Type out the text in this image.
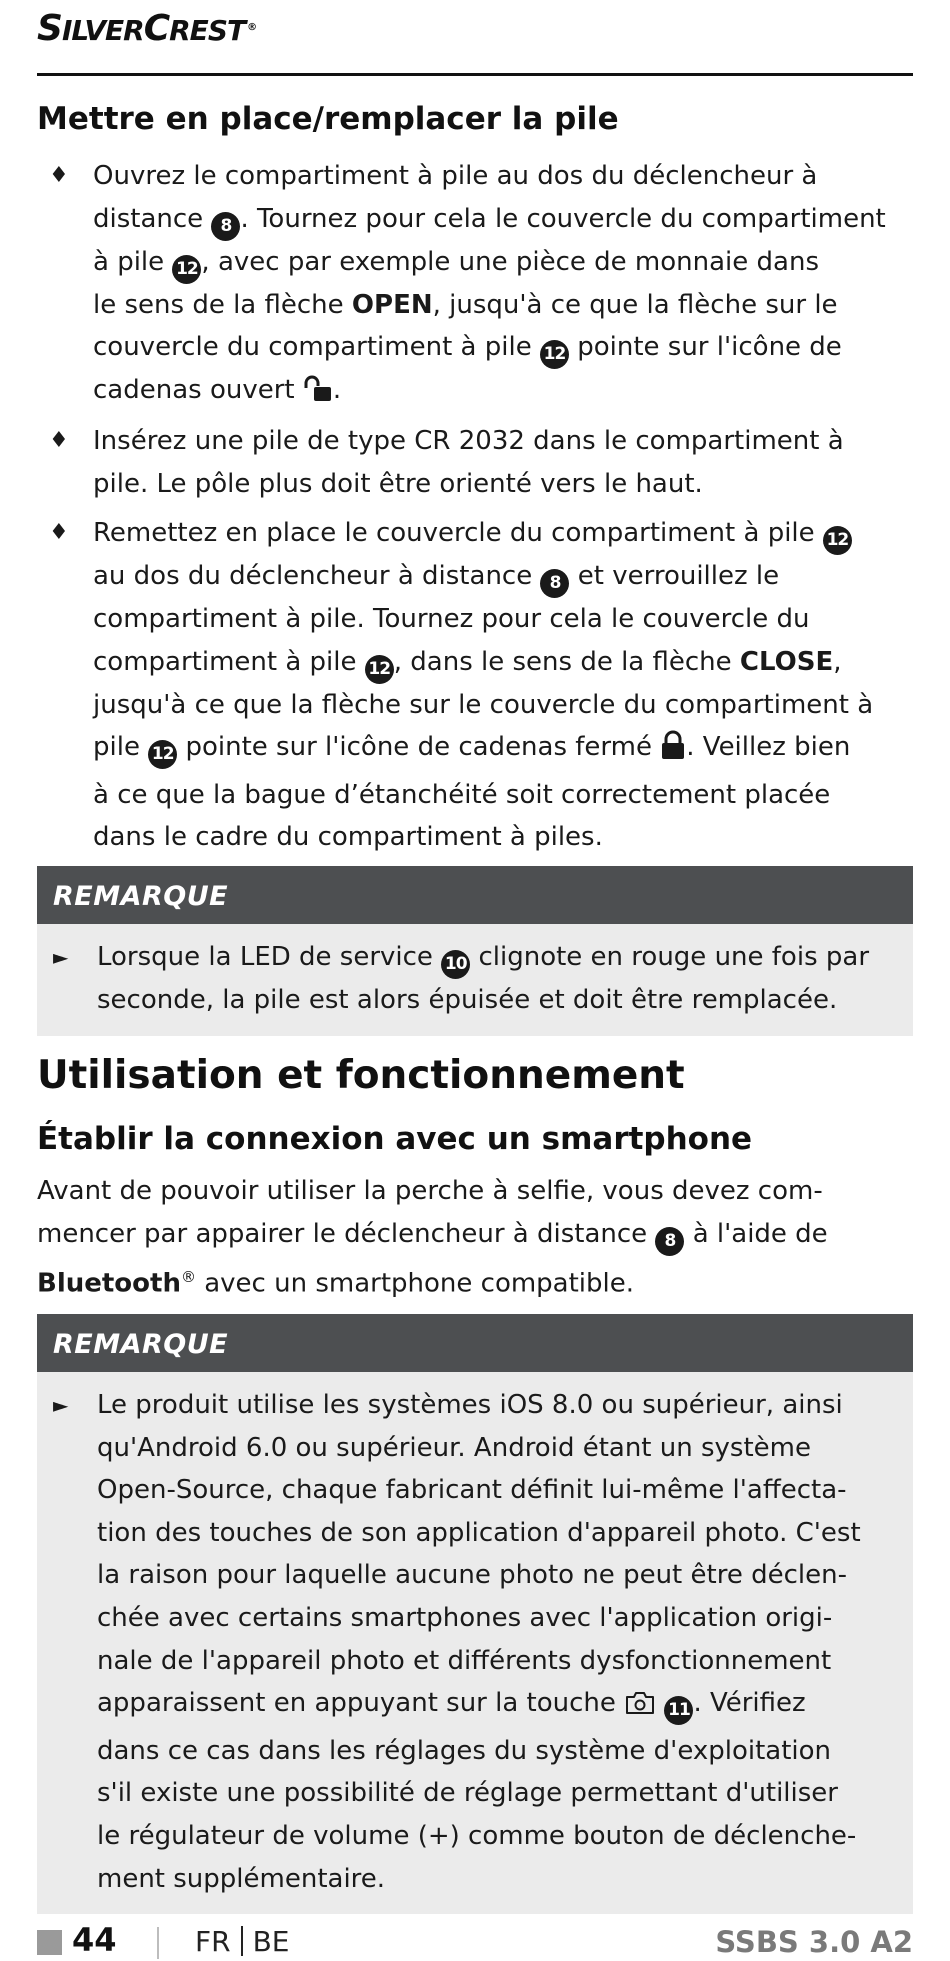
SILVERCREST ®
Mettre en place/remplacer la pile
♦ Ouvrez le compartiment à pile au dos du déclencheur à
distance 8 . Tournez pour cela le couvercle du compartiment
à pile 12 , avec par exemple une pièce de monnaie dans
le sens de la flèche OPEN, jusqu'à ce que la flèche sur le
couvercle du compartiment à pile 12 pointe sur l'icône de
cadenas ouvert .
♦ Insérez une pile de type CR 2032 dans le compartiment à
pile. Le pôle plus doit être orienté vers le haut.
♦ Remettez en place le couvercle du compartiment à pile 12
au dos du déclencheur à distance 8 et verrouillez le
compartiment à pile. Tournez pour cela le couvercle du
compartiment à pile 12 , dans le sens de la flèche CLOSE,
jusqu'à ce que la flèche sur le couvercle du compartiment à
pile 12 pointe sur l'icône de cadenas fermé . Veillez bien
à ce que la bague d’étanchéité soit correctement placée
dans le cadre du compartiment à piles.
REMARQUE
► Lorsque la LED de service 10 clignote en rouge une fois par
seconde, la pile est alors épuisée et doit être remplacée.
Utilisation et fonctionnement
Établir la connexion avec un smartphone
Avant de pouvoir utiliser la perche à selfie, vous devez com-
mencer par appairer le déclencheur à distance 8 à l'aide de
Bluetooth® avec un smartphone compatible.
REMARQUE
► Le produit utilise les systèmes iOS 8.0 ou supérieur, ainsi
qu'Android 6.0 ou supérieur. Android étant un système
Open-Source, chaque fabricant définit lui-même l'affecta-
tion des touches de son application d'appareil photo. C'est
la raison pour laquelle aucune photo ne peut être déclen-
chée avec certains smartphones avec l'application origi-
nale de l'appareil photo et différents dysfonctionnement
apparaissent en appuyant sur la touche	11 . Vérifiez
dans ce cas dans les réglages du système d'exploitation
s'il existe une possibilité de réglage permettant d'utiliser
le régulateur de volume (+) comme bouton de déclenche-
ment supplémentaire.
44	FR BE	SSBS 3.0 A2
